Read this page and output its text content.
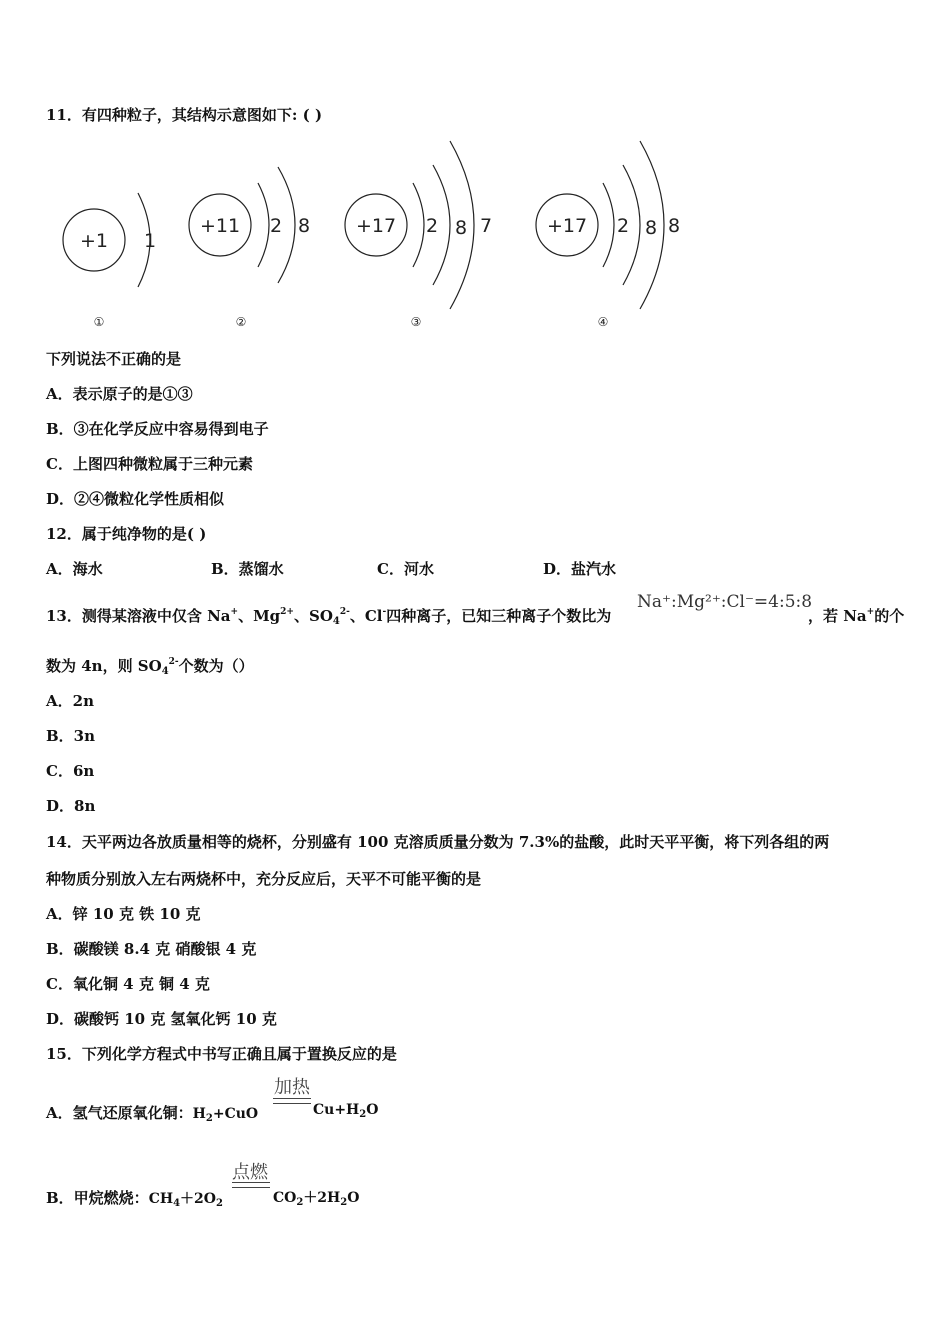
11．有四种粒子，其结构示意图如下: ( )
+1 1
+11 2 8 +17 2 8 7	+17 2 8 8
①	②	③	④
下列说法不正确的是
A．表示原子的是①③
B．③在化学反应中容易得到电子
C．上图四种微粒属于三种元素
D．②④微粒化学性质相似
12．属于纯净物的是( )
A．海水	B．蒸馏水	C．河水	D．盐汽水
13．测得某溶液中仅含 Na+、$Mg^{2+}$、$SO_4^{2-}$、Cl-四种离子，已知三种离子个数比为
Na⁺:Mg²⁺:Cl⁻=4:5:8
，若 Na+的个
数为 4n，则 $SO_4^{2-}$个数为（）
A．2n
B．3n
C．6n
D．8n
14．天平两边各放质量相等的烧杯，分别盛有 100 克溶质质量分数为 7.3%的盐酸，此时天平平衡，将下列各组的两
种物质分别放入左右两烧杯中，充分反应后，天平不可能平衡的是
A．锌 10 克 铁 10 克
B．碳酸镁 8.4 克 硝酸银 4 克
C．氧化铜 4 克 铜 4 克
D．碳酸钙 10 克 氢氧化钙 10 克
15．下列化学方程式中书写正确且属于置换反应的是
A．氢气还原氧化铜：$H_2+CuO$
加热
$Cu+H_2O$
B．甲烷燃烧：$CH_4+2O_2$
点燃
$CO_2+2H_2O$
